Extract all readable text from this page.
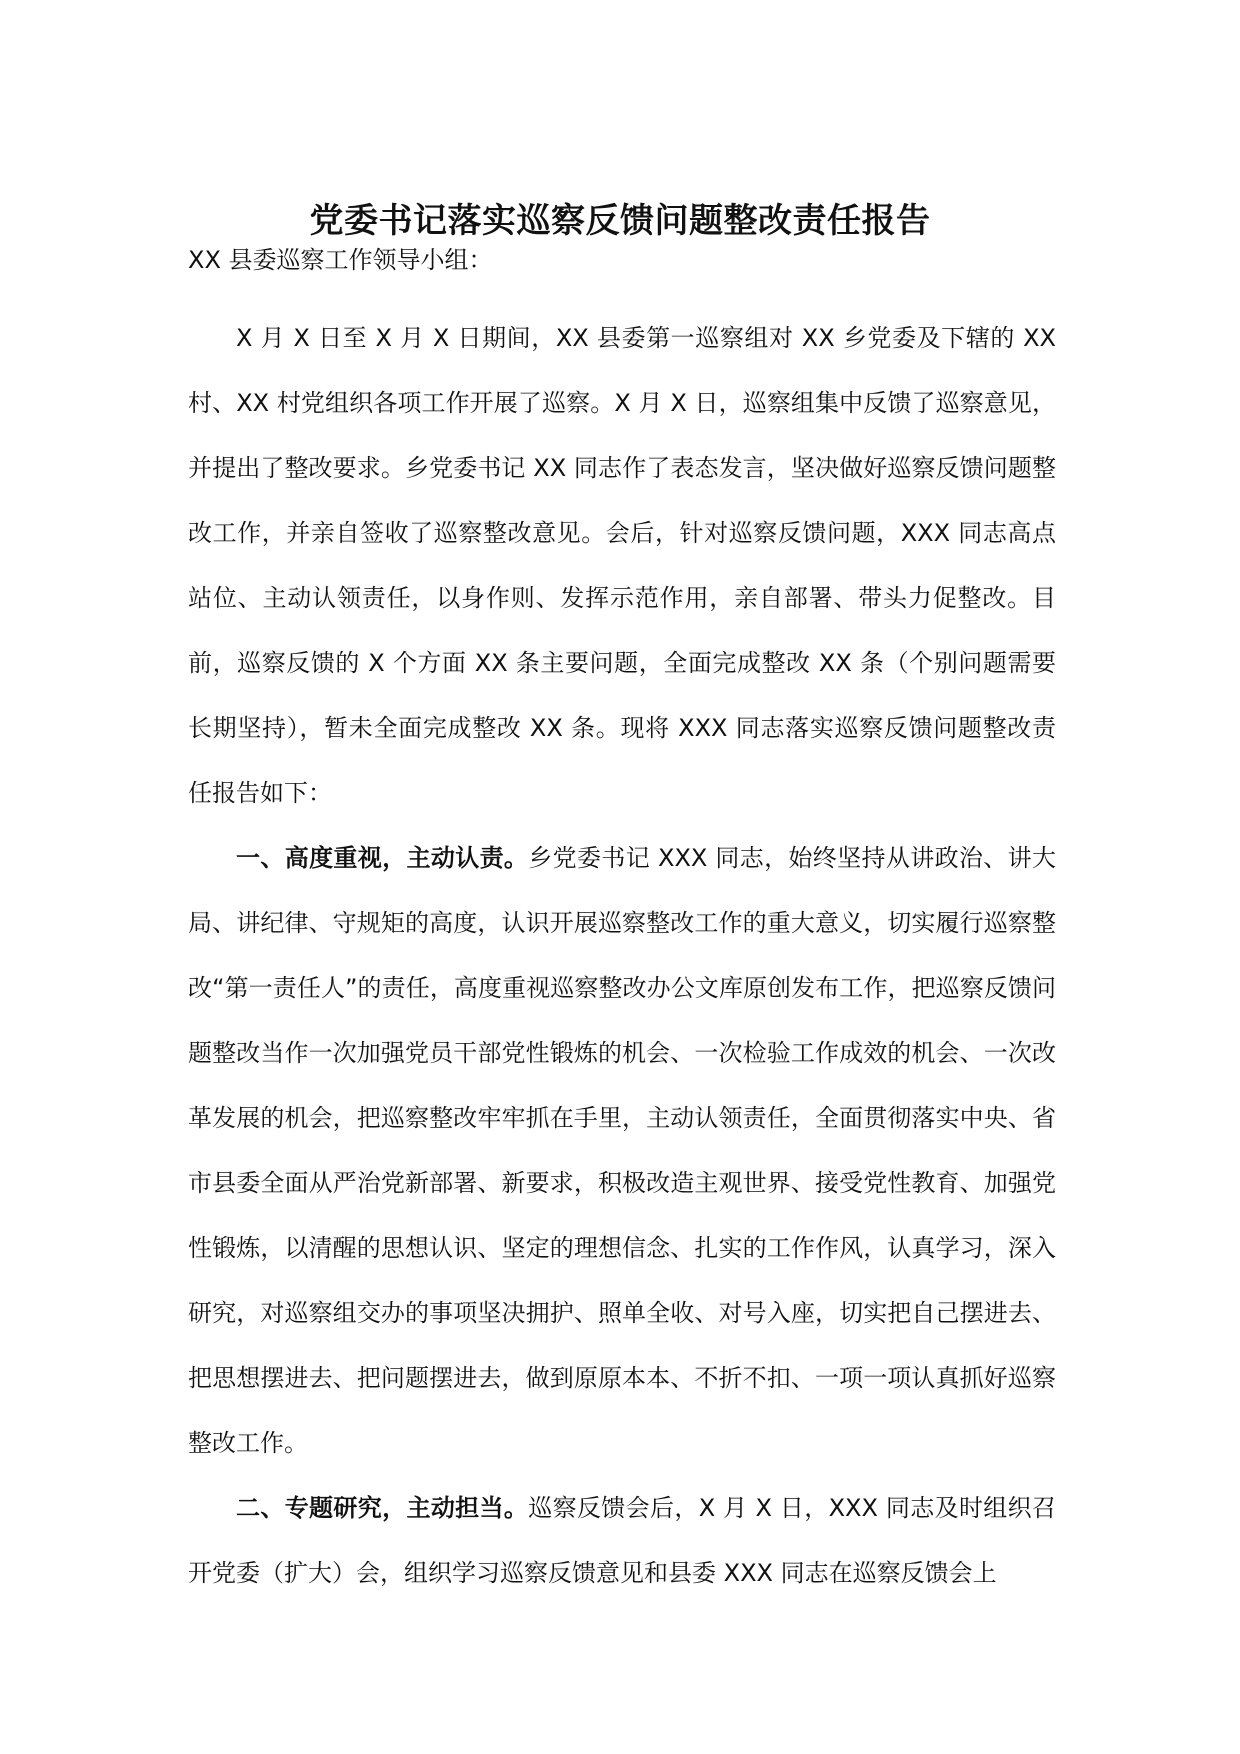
党委书记落实巡察反馈问题整改责任报告
XX 县委巡察工作领导小组：

X 月 X 日至 X 月 X 日期间，XX 县委第一巡察组对 XX 乡党委及下辖的 XX 村、XX 村党组织各项工作开展了巡察。X 月 X 日，巡察组集中反馈了巡察意见，并提出了整改要求。乡党委书记 XX 同志作了表态发言，坚决做好巡察反馈问题整改工作，并亲自签收了巡察整改意见。会后，针对巡察反馈问题，XXX 同志高点站位、主动认领责任，以身作则、发挥示范作用，亲自部署、带头力促整改。目前，巡察反馈的 X 个方面 XX 条主要问题，全面完成整改 XX 条（个别问题需要长期坚持），暂未全面完成整改 XX 条。现将 XXX 同志落实巡察反馈问题整改责任报告如下：

一、高度重视，主动认责。乡党委书记 XXX 同志，始终坚持从讲政治、讲大局、讲纪律、守规矩的高度，认识开展巡察整改工作的重大意义，切实履行巡察整改“第一责任人”的责任，高度重视巡察整改办公文库原创发布工作，把巡察反馈问题整改当作一次加强党员干部党性锻炼的机会、一次检验工作成效的机会、一次改革发展的机会，把巡察整改牢牢抓在手里，主动认领责任，全面贯彻落实中央、省市县委全面从严治党新部署、新要求，积极改造主观世界、接受党性教育、加强党性锻炼，以清醒的思想认识、坚定的理想信念、扎实的工作作风，认真学习，深入研究，对巡察组交办的事项坚决拥护、照单全收、对号入座，切实把自己摆进去、把思想摆进去、把问题摆进去，做到原原本本、不折不扣、一项一项认真抓好巡察整改工作。

二、专题研究，主动担当。巡察反馈会后，X 月 X 日，XXX 同志及时组织召开党委（扩大）会，组织学习巡察反馈意见和县委 XXX 同志在巡察反馈会上
